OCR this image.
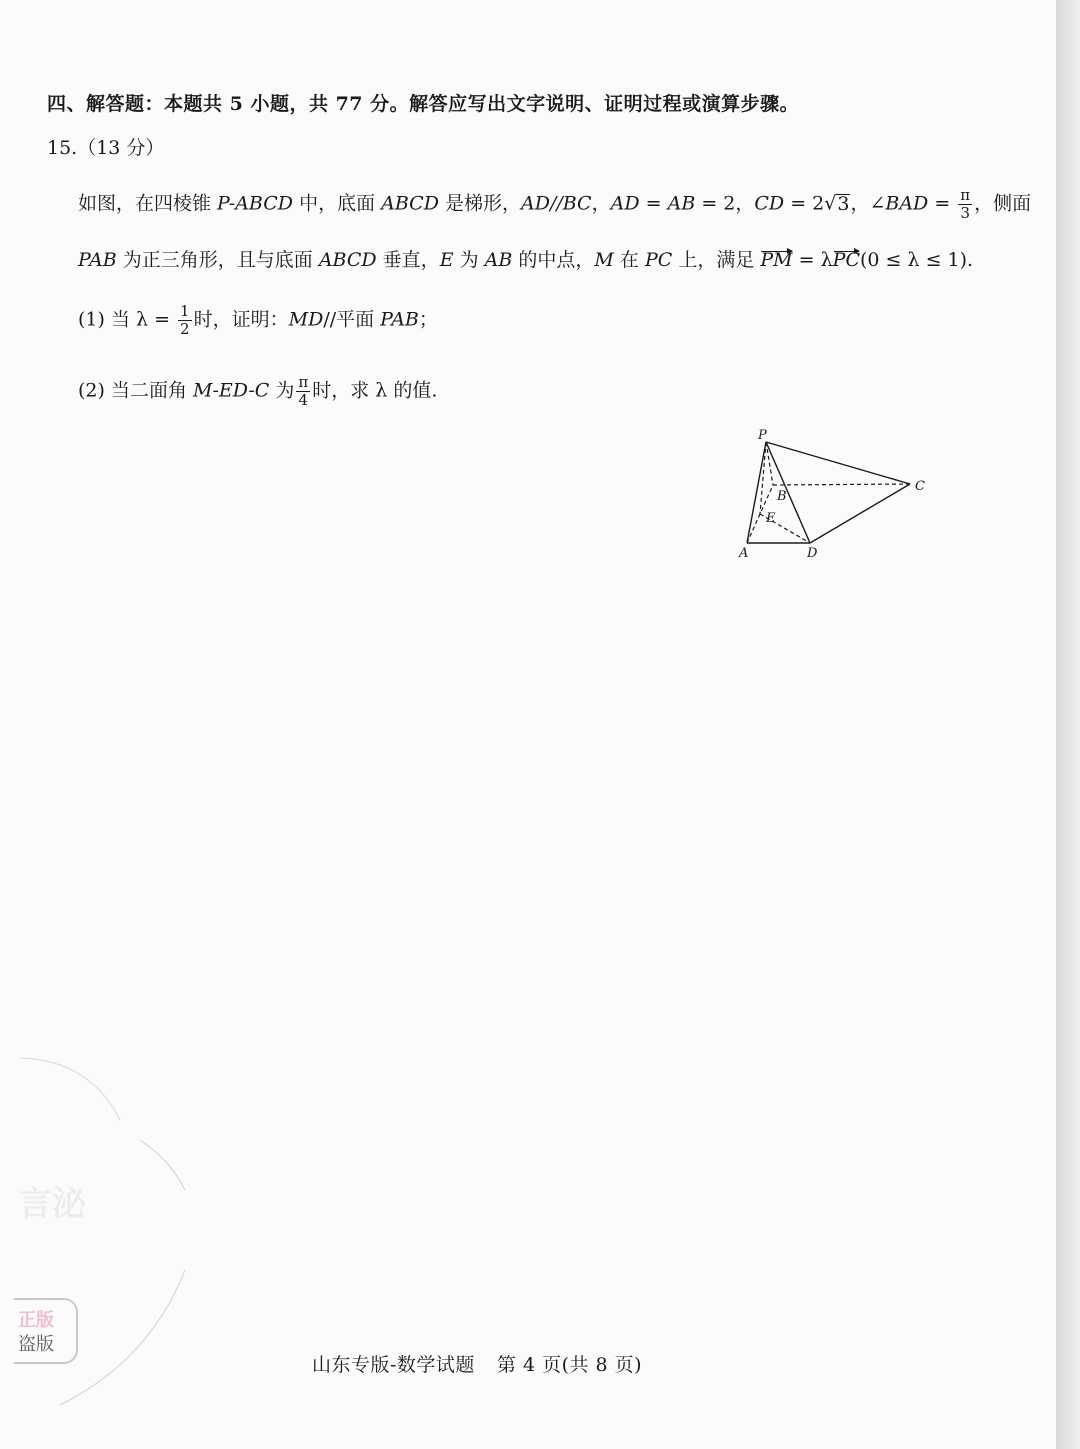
四、解答题：本题共 5 小题，共 77 分。解答应写出文字说明、证明过程或演算步骤。
15.（13 分）
如图，在四棱锥 P-ABCD 中，底面 ABCD 是梯形，AD//BC，AD = AB = 2，CD = 2√3，∠BAD = $\frac{\pi}{3}$ ，侧面
PAB 为正三角形，且与底面 ABCD 垂直，E 为 AB 的中点，M 在 PC 上，满足 PM = λPC(0 ≤ λ ≤ 1).
(1) 当 $\lambda = \frac{1}{2}$ 时，证明：MD//平面 PAB；
(2) 当二面角 M-ED-C 为 $\frac{\pi}{4}$ 时，求 λ 的值.
P
B
C
E
A	D
言泌
正版
盗版
山东专版-数学试题 第 4 页(共 8 页)
